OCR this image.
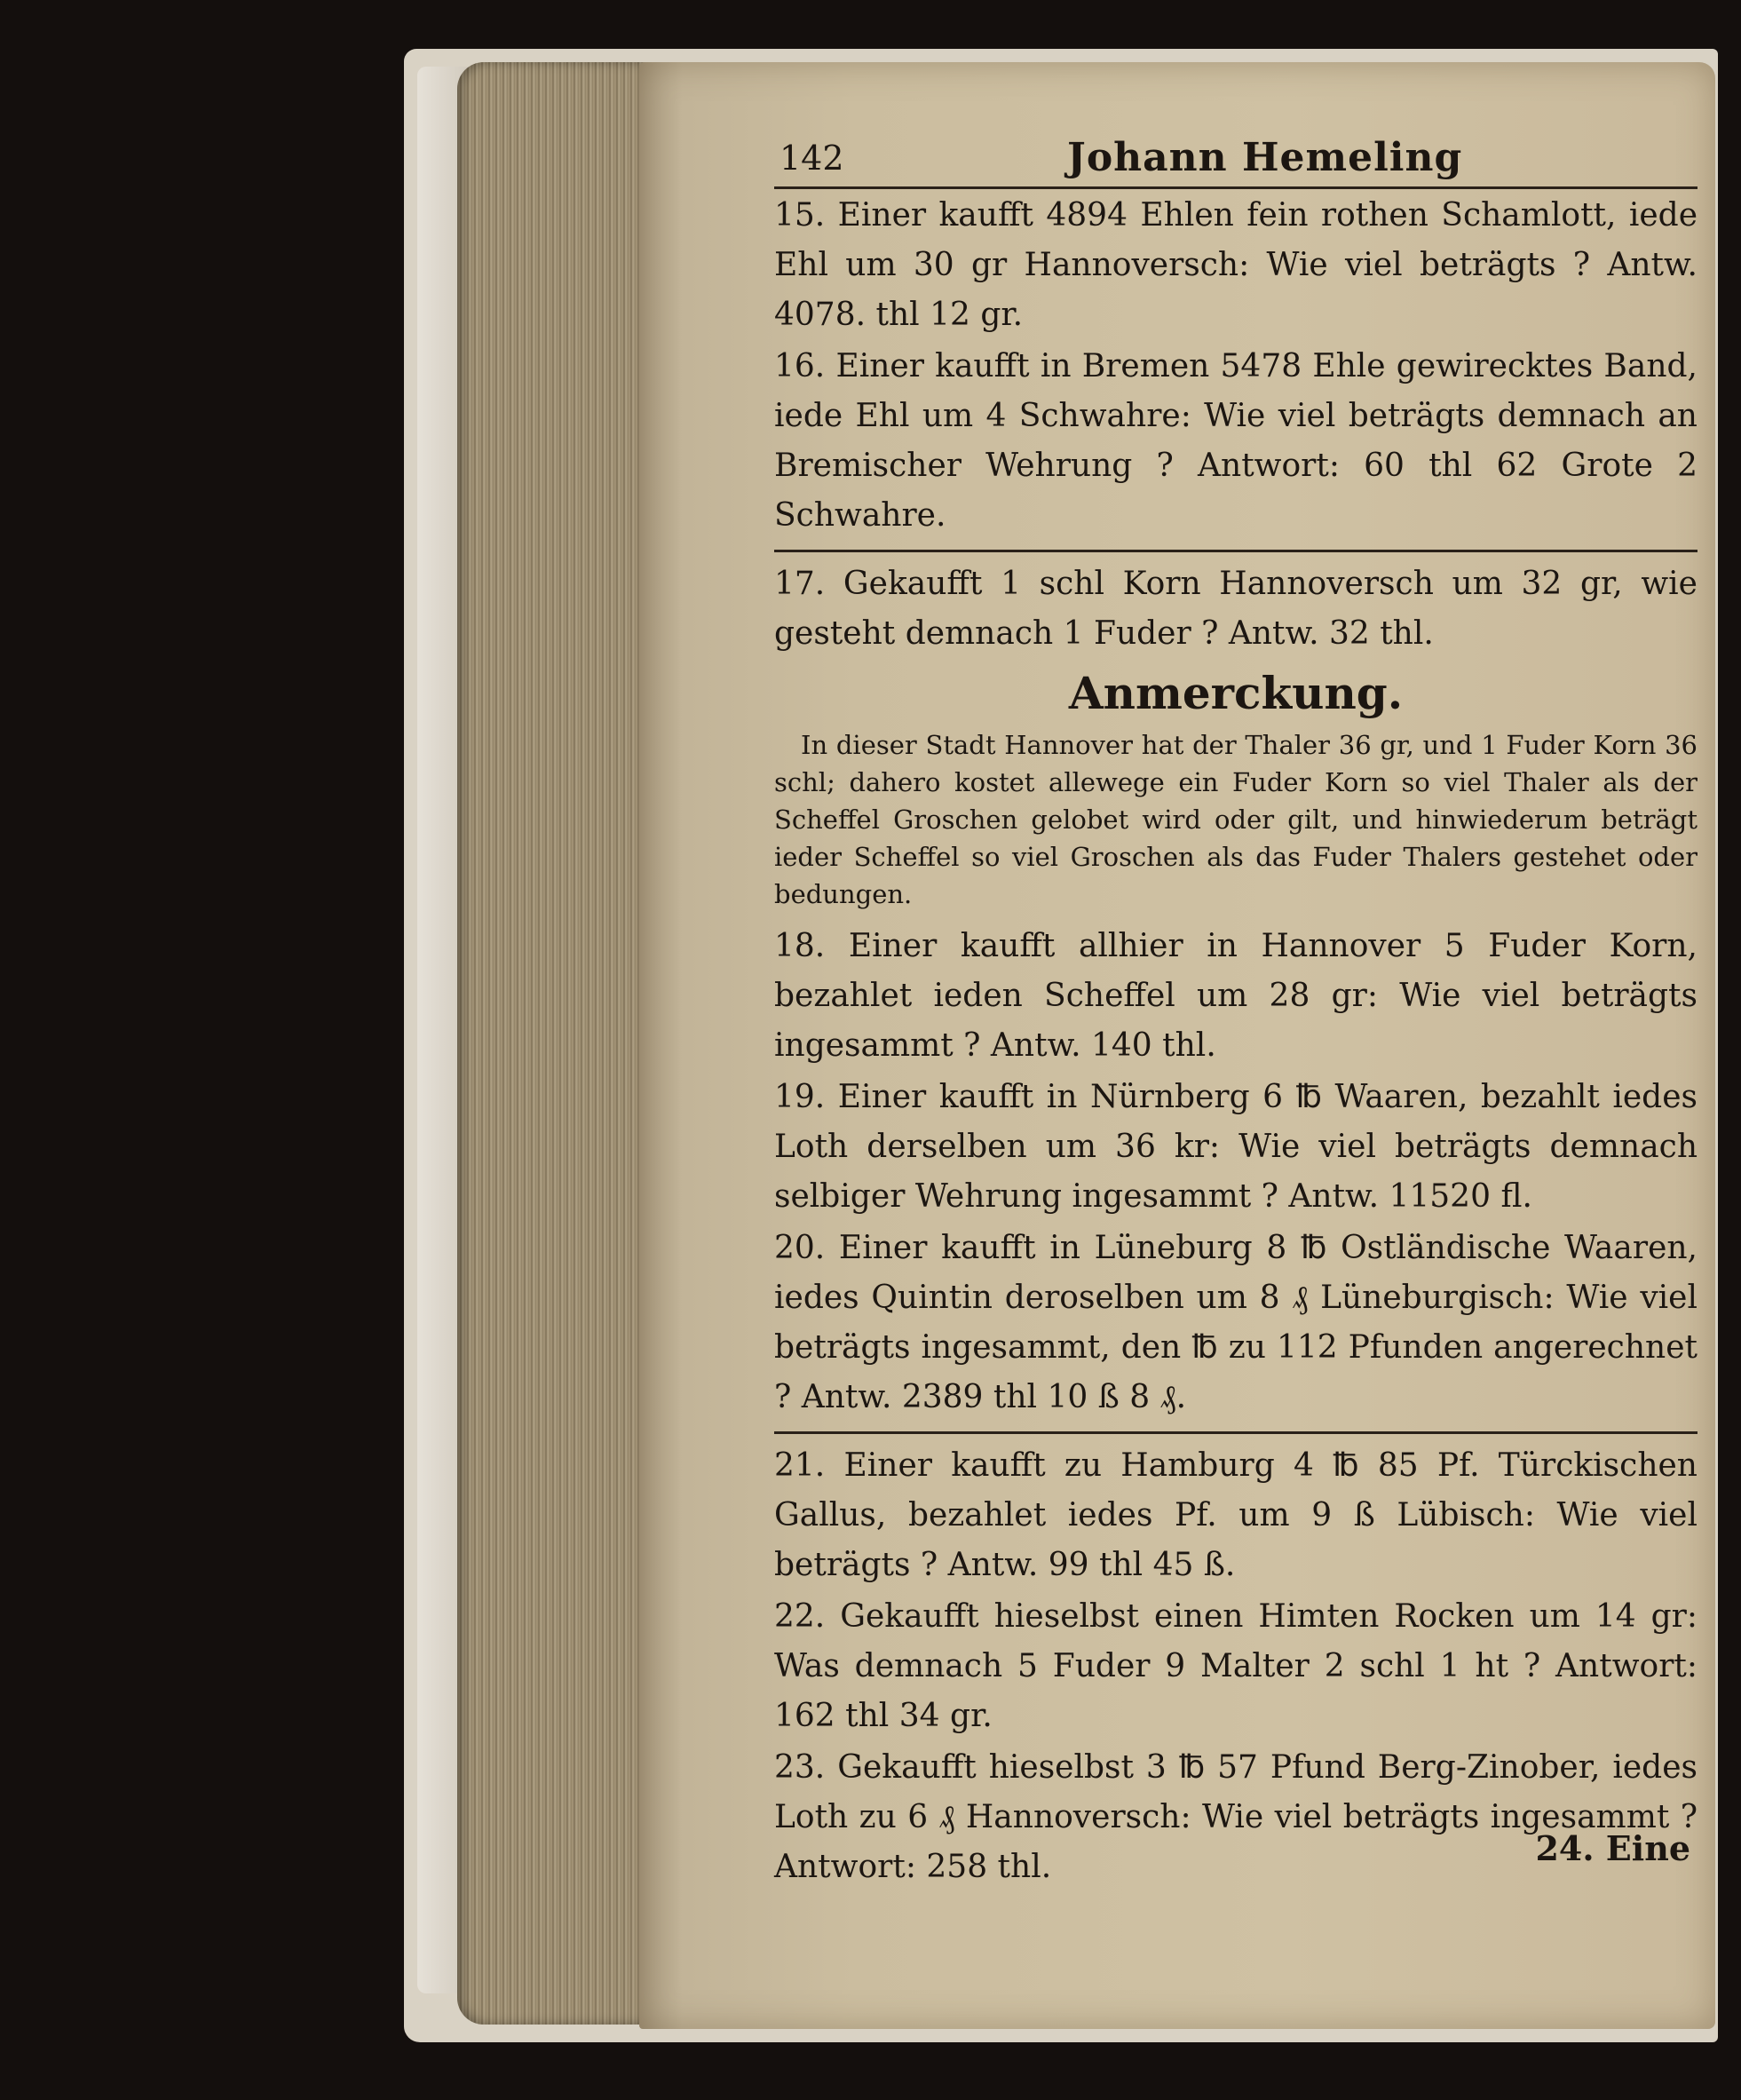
142	Johann Hemeling

15. Einer kaufft 4894 Ehlen fein rothen Schamlott, iede Ehl um 30 gr Hannoversch: Wie viel beträgts ? Antw. 4078. thl 12 gr.

16. Einer kaufft in Bremen 5478 Ehle gewirecktes Band, iede Ehl um 4 Schwahre: Wie viel beträgts demnach an Bremischer Wehrung ? Antwort: 60 thl 62 Grote 2 Schwahre.

17. Gekaufft 1 schl Korn Hannoversch um 32 gr, wie gesteht demnach 1 Fuder ? Antw. 32 thl.

Anmerckung.

In dieser Stadt Hannover hat der Thaler 36 gr, und 1 Fuder Korn 36 schl; dahero kostet allewege ein Fuder Korn so viel Thaler als der Scheffel Groschen gelobet wird oder gilt, und hinwiederum beträgt ieder Scheffel so viel Groschen als das Fuder Thalers gestehet oder bedungen.

18. Einer kaufft allhier in Hannover 5 Fuder Korn, bezahlet ieden Scheffel um 28 gr: Wie viel beträgts ingesammt ? Antw. 140 thl.

19. Einer kaufft in Nürnberg 6 ℔ Waaren, bezahlt iedes Loth derselben um 36 kr: Wie viel beträgts demnach selbiger Wehrung ingesammt ? Antw. 11520 fl.

20. Einer kaufft in Lüneburg 8 ℔ Ostländische Waaren, iedes Quintin deroselben um 8 ₰ Lüneburgisch: Wie viel beträgts ingesammt, den ℔ zu 112 Pfunden angerechnet ? Antw. 2389 thl 10 ß 8 ₰.

21. Einer kaufft zu Hamburg 4 ℔ 85 Pf. Türckischen Gallus, bezahlet iedes Pf. um 9 ß Lübisch: Wie viel beträgts ? Antw. 99 thl 45 ß.

22. Gekaufft hieselbst einen Himten Rocken um 14 gr: Was demnach 5 Fuder 9 Malter 2 schl 1 ht ? Antwort: 162 thl 34 gr.

23. Gekaufft hieselbst 3 ℔ 57 Pfund Berg-Zinober, iedes Loth zu 6 ₰ Hannoversch: Wie viel beträgts ingesammt ? Antwort: 258 thl.	24. Eine
